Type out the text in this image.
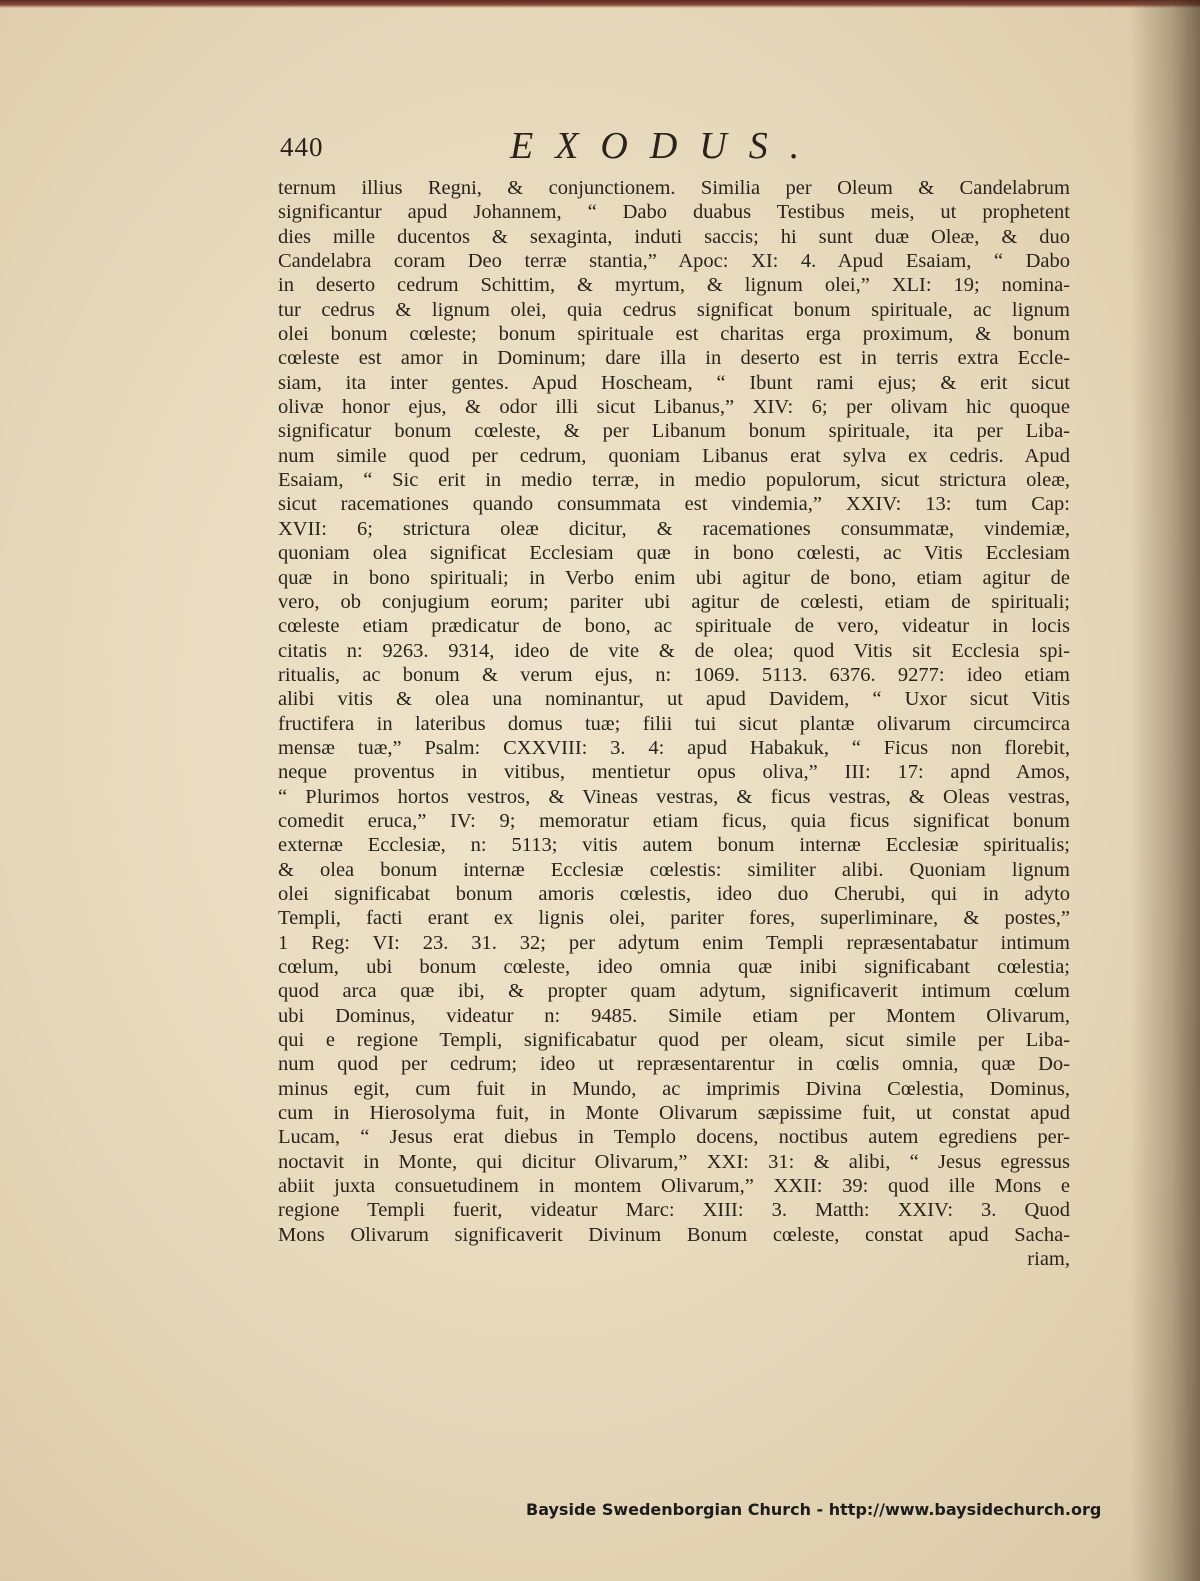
440	EXODUS.
ternum illius Regni, & conjunctionem. Similia per Oleum & Candelabrum
significantur apud Johannem, “ Dabo duabus Testibus meis, ut prophetent
dies mille ducentos & sexaginta, induti saccis; hi sunt duæ Oleæ, & duo
Candelabra coram Deo terræ stantia,” Apoc: XI: 4. Apud Esaiam, “ Dabo
in deserto cedrum Schittim, & myrtum, & lignum olei,” XLI: 19; nomina-
tur cedrus & lignum olei, quia cedrus significat bonum spirituale, ac lignum
olei bonum cœleste; bonum spirituale est charitas erga proximum, & bonum
cœleste est amor in Dominum; dare illa in deserto est in terris extra Eccle-
siam, ita inter gentes. Apud Hoscheam, “ Ibunt rami ejus; & erit sicut
olivæ honor ejus, & odor illi sicut Libanus,” XIV: 6; per olivam hic quoque
significatur bonum cœleste, & per Libanum bonum spirituale, ita per Liba-
num simile quod per cedrum, quoniam Libanus erat sylva ex cedris. Apud
Esaiam, “ Sic erit in medio terræ, in medio populorum, sicut strictura oleæ,
sicut racemationes quando consummata est vindemia,” XXIV: 13: tum Cap:
XVII: 6; strictura oleæ dicitur, & racemationes consummatæ, vindemiæ,
quoniam olea significat Ecclesiam quæ in bono cœlesti, ac Vitis Ecclesiam
quæ in bono spirituali; in Verbo enim ubi agitur de bono, etiam agitur de
vero, ob conjugium eorum; pariter ubi agitur de cœlesti, etiam de spirituali;
cœleste etiam prædicatur de bono, ac spirituale de vero, videatur in locis
citatis n: 9263. 9314, ideo de vite & de olea; quod Vitis sit Ecclesia spi-
ritualis, ac bonum & verum ejus, n: 1069. 5113. 6376. 9277: ideo etiam
alibi vitis & olea una nominantur, ut apud Davidem, “ Uxor sicut Vitis
fructifera in lateribus domus tuæ; filii tui sicut plantæ olivarum circumcirca
mensæ tuæ,” Psalm: CXXVIII: 3. 4: apud Habakuk, “ Ficus non florebit,
neque proventus in vitibus, mentietur opus oliva,” III: 17: apnd Amos,
“ Plurimos hortos vestros, & Vineas vestras, & ficus vestras, & Oleas vestras,
comedit eruca,” IV: 9; memoratur etiam ficus, quia ficus significat bonum
externæ Ecclesiæ, n: 5113; vitis autem bonum internæ Ecclesiæ spiritualis;
& olea bonum internæ Ecclesiæ cœlestis: similiter alibi. Quoniam lignum
olei significabat bonum amoris cœlestis, ideo duo Cherubi, qui in adyto
Templi, facti erant ex lignis olei, pariter fores, superliminare, & postes,”
1 Reg: VI: 23. 31. 32; per adytum enim Templi repræsentabatur intimum
cœlum, ubi bonum cœleste, ideo omnia quæ inibi significabant cœlestia;
quod arca quæ ibi, & propter quam adytum, significaverit intimum cœlum
ubi Dominus, videatur n: 9485. Simile etiam per Montem Olivarum,
qui e regione Templi, significabatur quod per oleam, sicut simile per Liba-
num quod per cedrum; ideo ut repræsentarentur in cœlis omnia, quæ Do-
minus egit, cum fuit in Mundo, ac imprimis Divina Cœlestia, Dominus,
cum in Hierosolyma fuit, in Monte Olivarum sæpissime fuit, ut constat apud
Lucam, “ Jesus erat diebus in Templo docens, noctibus autem egrediens per-
noctavit in Monte, qui dicitur Olivarum,” XXI: 31: & alibi, “ Jesus egressus
abiit juxta consuetudinem in montem Olivarum,” XXII: 39: quod ille Mons e
regione Templi fuerit, videatur Marc: XIII: 3. Matth: XXIV: 3. Quod
Mons Olivarum significaverit Divinum Bonum cœleste, constat apud Sacha-
riam,
Bayside Swedenborgian Church - http://www.baysidechurch.org
